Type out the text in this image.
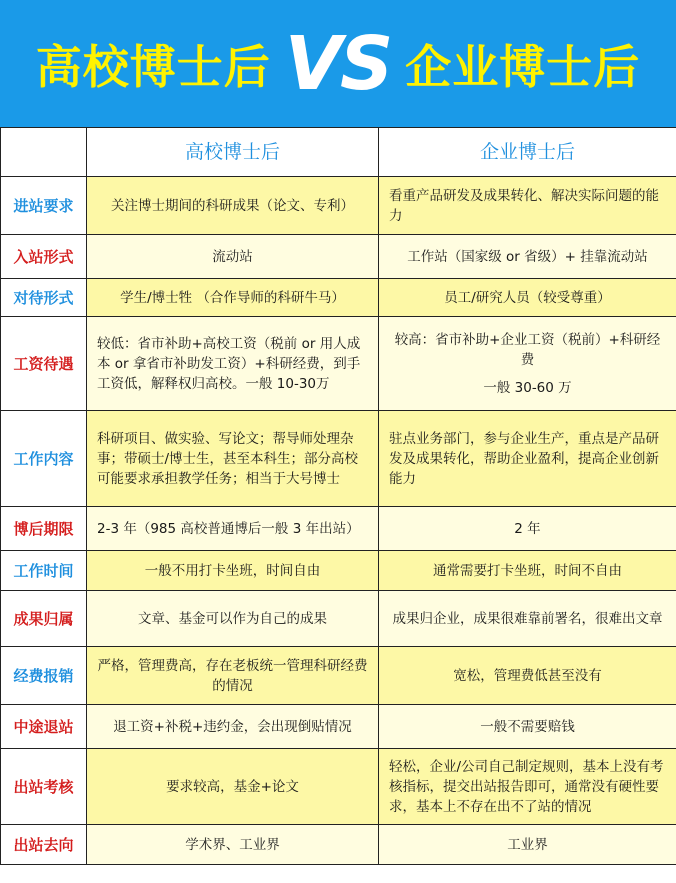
高校博士后 VS 企业博士后
	高校博士后	企业博士后
进站要求	关注博士期间的科研成果（论文、专利）	看重产品研发及成果转化、解决实际问题的能力
入站形式	流动站	工作站（国家级 or 省级）+ 挂靠流动站
对待形式	学生/博士牲 （合作导师的科研牛马）	员工/研究人员（较受尊重）
工资待遇	较低：省市补助+高校工资（税前 or 用人成本 or 拿省市补助发工资）+科研经费，到手工资低，解释权归高校。一般 10-30万	较高：省市补助+企业工资（税前）+科研经费
一般 30-60 万

工作内容	科研项目、做实验、写论文；帮导师处理杂事；带硕士/博士生，甚至本科生；部分高校可能要求承担教学任务；相当于大号博士	驻点业务部门，参与企业生产，重点是产品研发及成果转化，帮助企业盈利，提高企业创新能力
博后期限	2-3 年（985 高校普通博后一般 3 年出站）	2 年
工作时间	一般不用打卡坐班，时间自由	通常需要打卡坐班，时间不自由
成果归属	文章、基金可以作为自己的成果	成果归企业，成果很难靠前署名，很难出文章
经费报销	严格，管理费高，存在老板统一管理科研经费的情况	宽松，管理费低甚至没有
中途退站	退工资+补税+违约金，会出现倒贴情况	一般不需要赔钱
出站考核	要求较高，基金+论文	轻松，企业/公司自己制定规则，基本上没有考核指标，提交出站报告即可，通常没有硬性要求，基本上不存在出不了站的情况
出站去向	学术界、工业界	工业界
